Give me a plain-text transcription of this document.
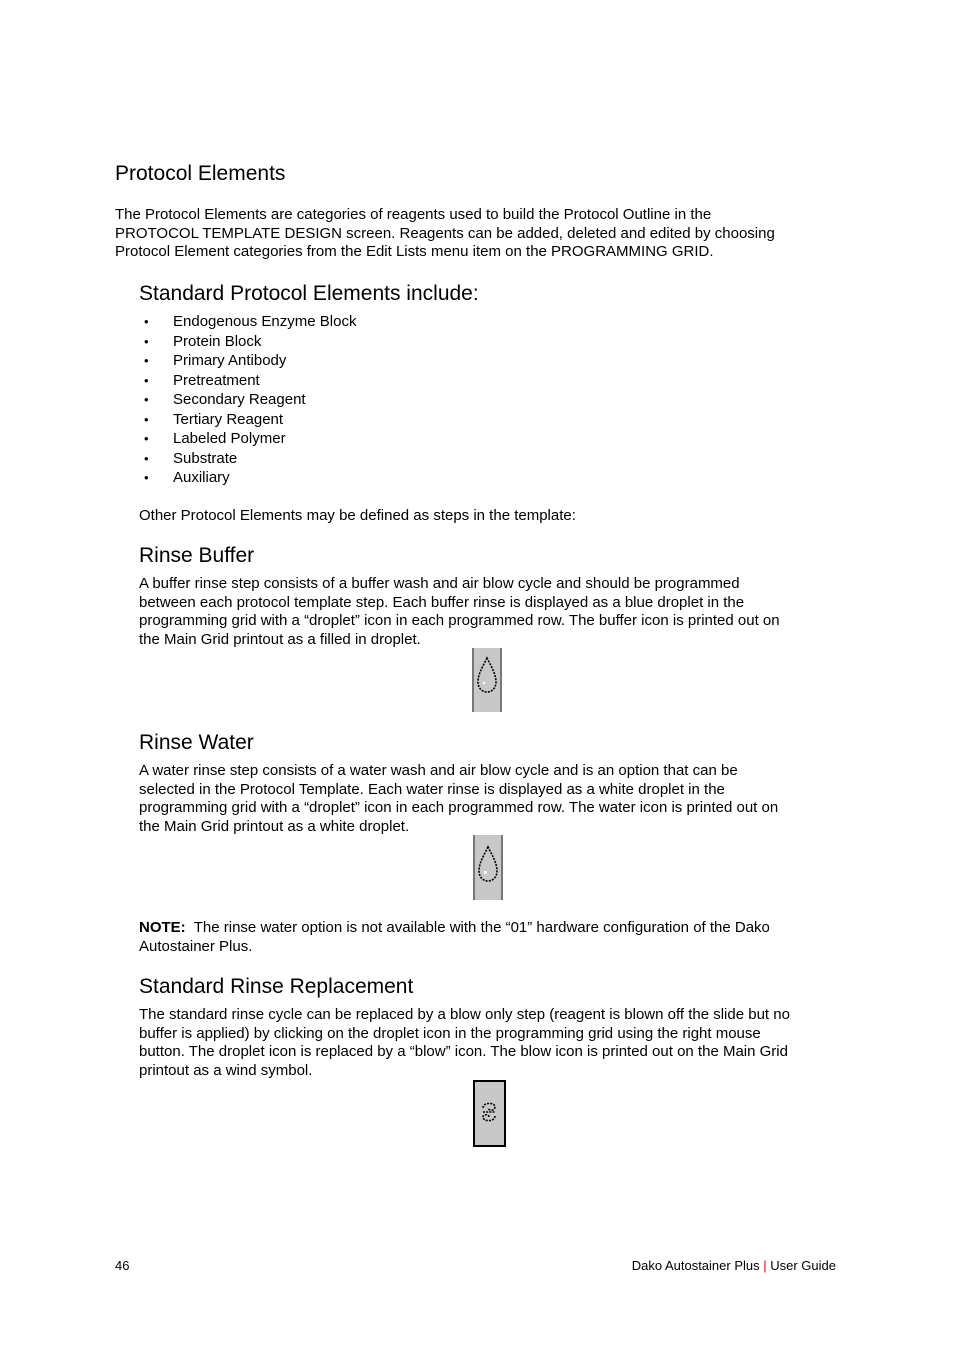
Protocol Elements
The Protocol Elements are categories of reagents used to build the Protocol Outline in the
PROTOCOL TEMPLATE DESIGN screen. Reagents can be added, deleted and edited by choosing
Protocol Element categories from the Edit Lists menu item on the PROGRAMMING GRID.
Standard Protocol Elements include:
• Endogenous Enzyme Block
• Protein Block
• Primary Antibody
• Pretreatment
• Secondary Reagent
• Tertiary Reagent
• Labeled Polymer
• Substrate
• Auxiliary
Other Protocol Elements may be defined as steps in the template:
Rinse Buffer
A buffer rinse step consists of a buffer wash and air blow cycle and should be programmed
between each protocol template step. Each buffer rinse is displayed as a blue droplet in the
programming grid with a “droplet” icon in each programmed row. The buffer icon is printed out on
the Main Grid printout as a filled in droplet.
Rinse Water
A water rinse step consists of a water wash and air blow cycle and is an option that can be
selected in the Protocol Template. Each water rinse is displayed as a white droplet in the
programming grid with a “droplet” icon in each programmed row. The water icon is printed out on
the Main Grid printout as a white droplet.
NOTE: The rinse water option is not available with the “01” hardware configuration of the Dako
Autostainer Plus.
Standard Rinse Replacement
The standard rinse cycle can be replaced by a blow only step (reagent is blown off the slide but no
buffer is applied) by clicking on the droplet icon in the programming grid using the right mouse
button. The droplet icon is replaced by a “blow” icon. The blow icon is printed out on the Main Grid
printout as a wind symbol.
46	Dako Autostainer Plus | User Guide
